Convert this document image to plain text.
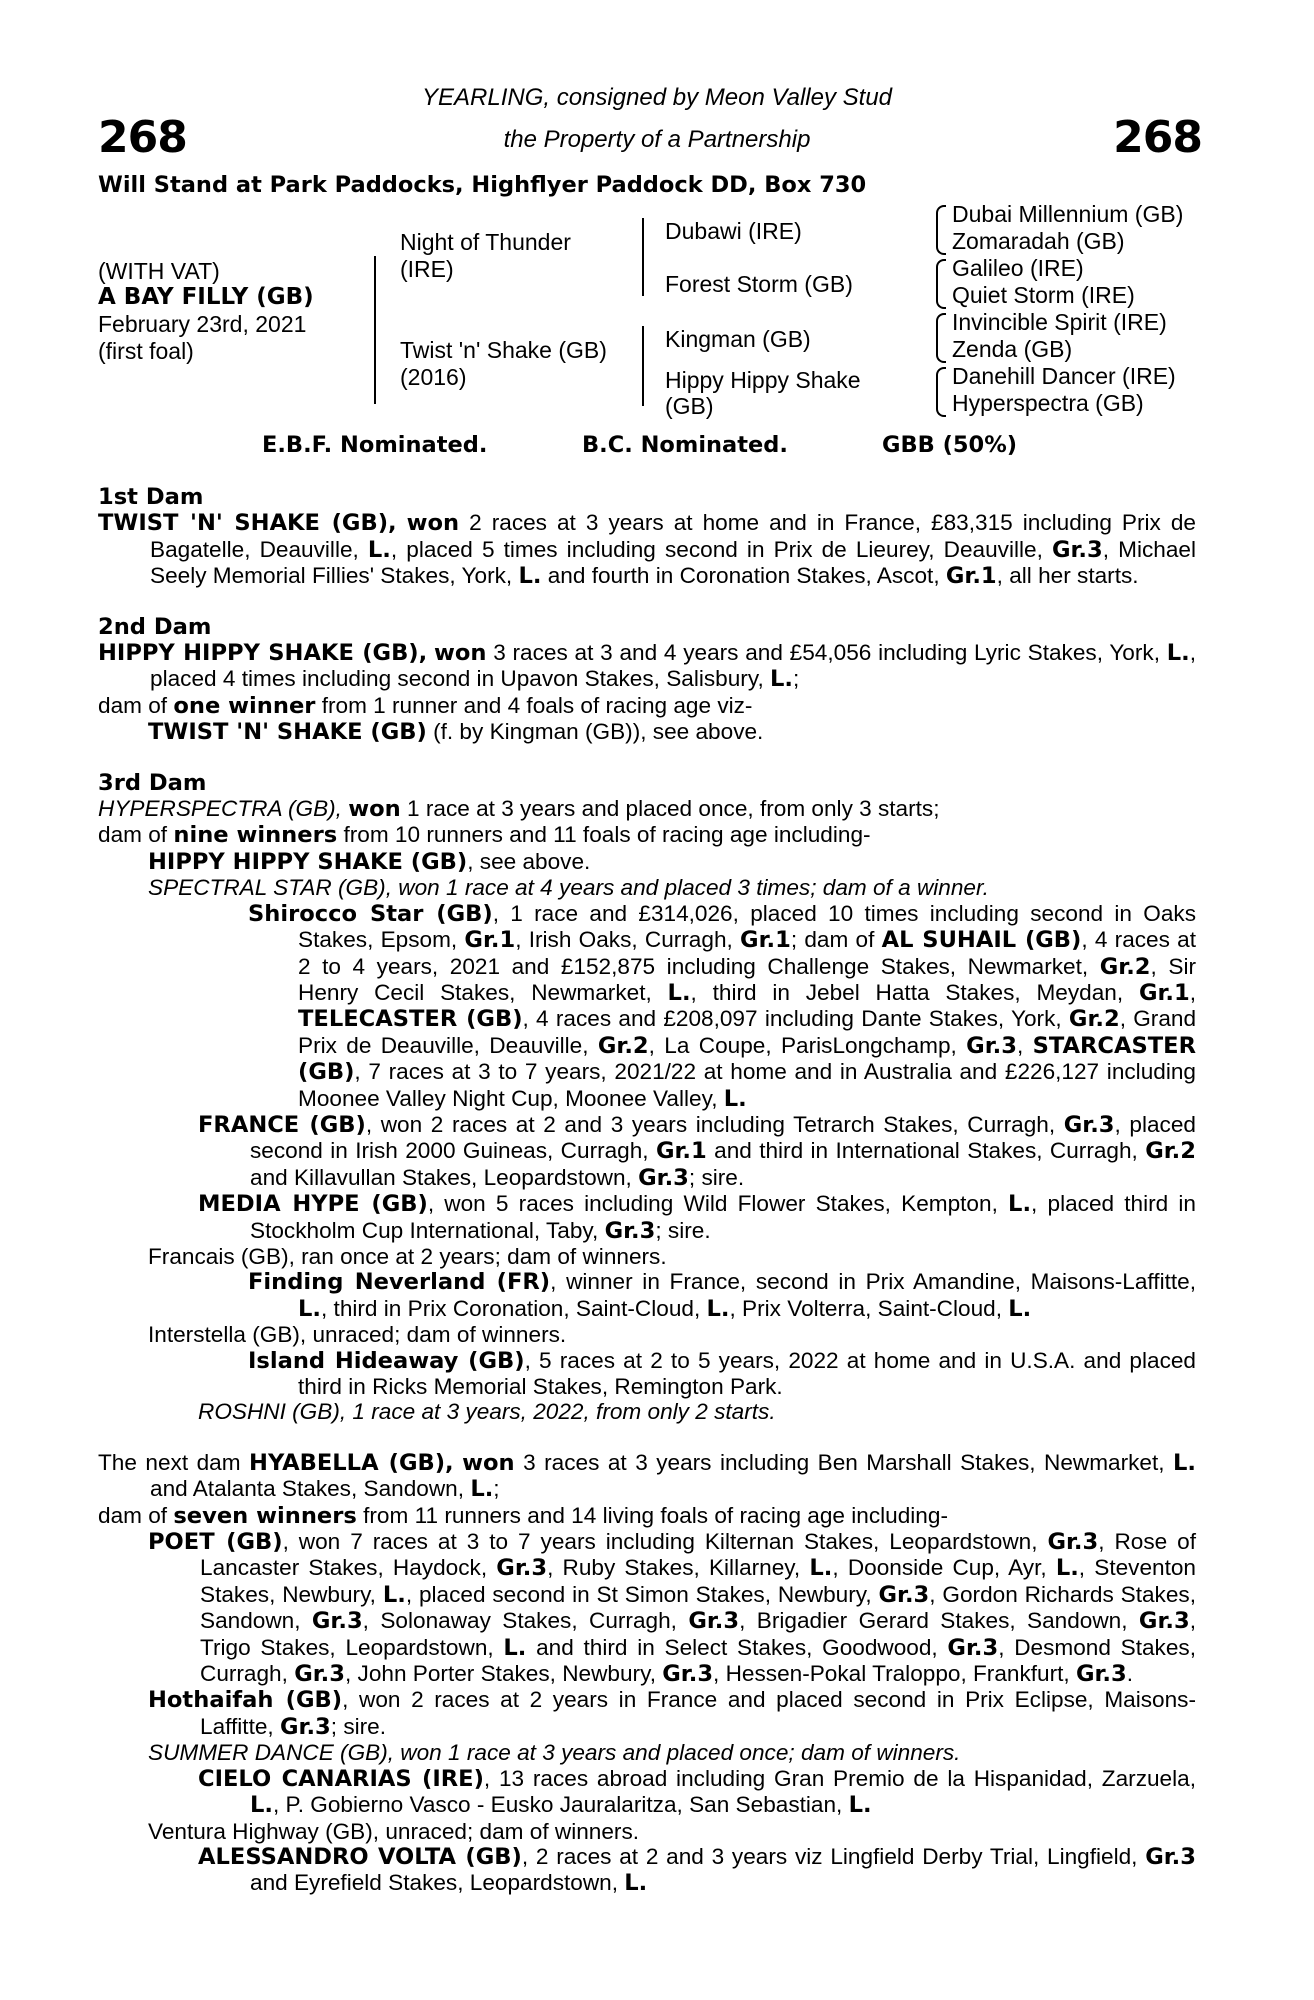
268	268
YEARLING, consigned by Meon Valley Stud
the Property of a Partnership
Will Stand at Park Paddocks, Highflyer Paddock DD, Box 730
(WITH VAT)
A BAY FILLY (GB)
February 23rd, 2021
(first foal)
Night of Thunder
(IRE)
Twist 'n' Shake (GB)
(2016)
Dubawi (IRE)
Forest Storm (GB)
Kingman (GB)
Hippy Hippy Shake
(GB)
Dubai Millennium (GB)
Zomaradah (GB)
Galileo (IRE)
Quiet Storm (IRE)
Invincible Spirit (IRE)
Zenda (GB)
Danehill Dancer (IRE)
Hyperspectra (GB)
E.B.F. Nominated.	B.C. Nominated.	GBB (50%)
1st Dam
TWIST 'N' SHAKE (GB), won 2 races at 3 years at home and in France, £83,315 including Prix de Bagatelle, Deauville, L., placed 5 times including second in Prix de Lieurey, Deauville, Gr.3, Michael Seely Memorial Fillies' Stakes, York, L. and fourth in Coronation Stakes, Ascot, Gr.1, all her starts.
2nd Dam
HIPPY HIPPY SHAKE (GB), won 3 races at 3 and 4 years and £54,056 including Lyric Stakes, York, L., placed 4 times including second in Upavon Stakes, Salisbury, L.;
dam of one winner from 1 runner and 4 foals of racing age viz-
TWIST 'N' SHAKE (GB) (f. by Kingman (GB)), see above.
3rd Dam
HYPERSPECTRA (GB), won 1 race at 3 years and placed once, from only 3 starts;
dam of nine winners from 10 runners and 11 foals of racing age including-
HIPPY HIPPY SHAKE (GB), see above.
SPECTRAL STAR (GB), won 1 race at 4 years and placed 3 times; dam of a winner.
Shirocco Star (GB), 1 race and £314,026, placed 10 times including second in Oaks Stakes, Epsom, Gr.1, Irish Oaks, Curragh, Gr.1; dam of AL SUHAIL (GB), 4 races at 2 to 4 years, 2021 and £152,875 including Challenge Stakes, Newmarket, Gr.2, Sir Henry Cecil Stakes, Newmarket, L., third in Jebel Hatta Stakes, Meydan, Gr.1, TELECASTER (GB), 4 races and £208,097 including Dante Stakes, York, Gr.2, Grand Prix de Deauville, Deauville, Gr.2, La Coupe, ParisLongchamp, Gr.3, STARCASTER (GB), 7 races at 3 to 7 years, 2021/22 at home and in Australia and £226,127 including Moonee Valley Night Cup, Moonee Valley, L.
FRANCE (GB), won 2 races at 2 and 3 years including Tetrarch Stakes, Curragh, Gr.3, placed second in Irish 2000 Guineas, Curragh, Gr.1 and third in International Stakes, Curragh, Gr.2 and Killavullan Stakes, Leopardstown, Gr.3; sire.
MEDIA HYPE (GB), won 5 races including Wild Flower Stakes, Kempton, L., placed third in Stockholm Cup International, Taby, Gr.3; sire.
Francais (GB), ran once at 2 years; dam of winners.
Finding Neverland (FR), winner in France, second in Prix Amandine, Maisons-Laffitte, L., third in Prix Coronation, Saint-Cloud, L., Prix Volterra, Saint-Cloud, L.
Interstella (GB), unraced; dam of winners.
Island Hideaway (GB), 5 races at 2 to 5 years, 2022 at home and in U.S.A. and placed third in Ricks Memorial Stakes, Remington Park.
ROSHNI (GB), 1 race at 3 years, 2022, from only 2 starts.
The next dam HYABELLA (GB), won 3 races at 3 years including Ben Marshall Stakes, Newmarket, L. and Atalanta Stakes, Sandown, L.;
dam of seven winners from 11 runners and 14 living foals of racing age including-
POET (GB), won 7 races at 3 to 7 years including Kilternan Stakes, Leopardstown, Gr.3, Rose of Lancaster Stakes, Haydock, Gr.3, Ruby Stakes, Killarney, L., Doonside Cup, Ayr, L., Steventon Stakes, Newbury, L., placed second in St Simon Stakes, Newbury, Gr.3, Gordon Richards Stakes, Sandown, Gr.3, Solonaway Stakes, Curragh, Gr.3, Brigadier Gerard Stakes, Sandown, Gr.3, Trigo Stakes, Leopardstown, L. and third in Select Stakes, Goodwood, Gr.3, Desmond Stakes, Curragh, Gr.3, John Porter Stakes, Newbury, Gr.3, Hessen-Pokal Traloppo, Frankfurt, Gr.3.
Hothaifah (GB), won 2 races at 2 years in France and placed second in Prix Eclipse, Maisons-Laffitte, Gr.3; sire.
SUMMER DANCE (GB), won 1 race at 3 years and placed once; dam of winners.
CIELO CANARIAS (IRE), 13 races abroad including Gran Premio de la Hispanidad, Zarzuela, L., P. Gobierno Vasco - Eusko Jauralaritza, San Sebastian, L.
Ventura Highway (GB), unraced; dam of winners.
ALESSANDRO VOLTA (GB), 2 races at 2 and 3 years viz Lingfield Derby Trial, Lingfield, Gr.3 and Eyrefield Stakes, Leopardstown, L.
